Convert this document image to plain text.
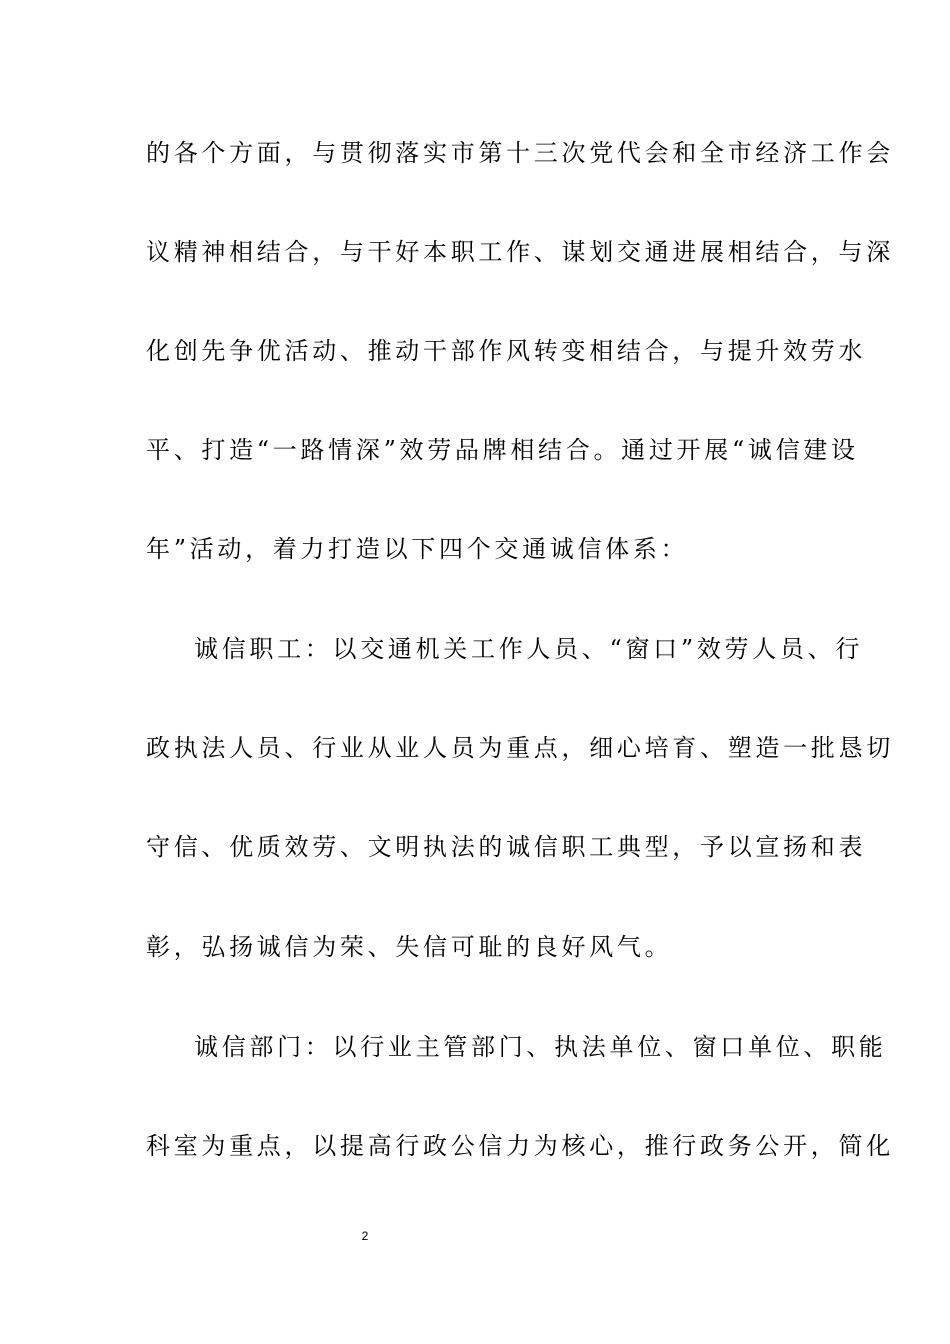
的各个方面，与贯彻落实市第十三次党代会和全市经济工作会
议精神相结合，与干好本职工作、谋划交通进展相结合，与深
化创先争优活动、推动干部作风转变相结合，与提升效劳水
平、打造“一路情深”效劳品牌相结合。通过开展“诚信建设
年”活动，着力打造以下四个交通诚信体系：
诚信职工：以交通机关工作人员、“窗口”效劳人员、行
政执法人员、行业从业人员为重点，细心培育、塑造一批恳切
守信、优质效劳、文明执法的诚信职工典型，予以宣扬和表
彰，弘扬诚信为荣、失信可耻的良好风气。
诚信部门：以行业主管部门、执法单位、窗口单位、职能
科室为重点，以提高行政公信力为核心，推行政务公开，简化
2
